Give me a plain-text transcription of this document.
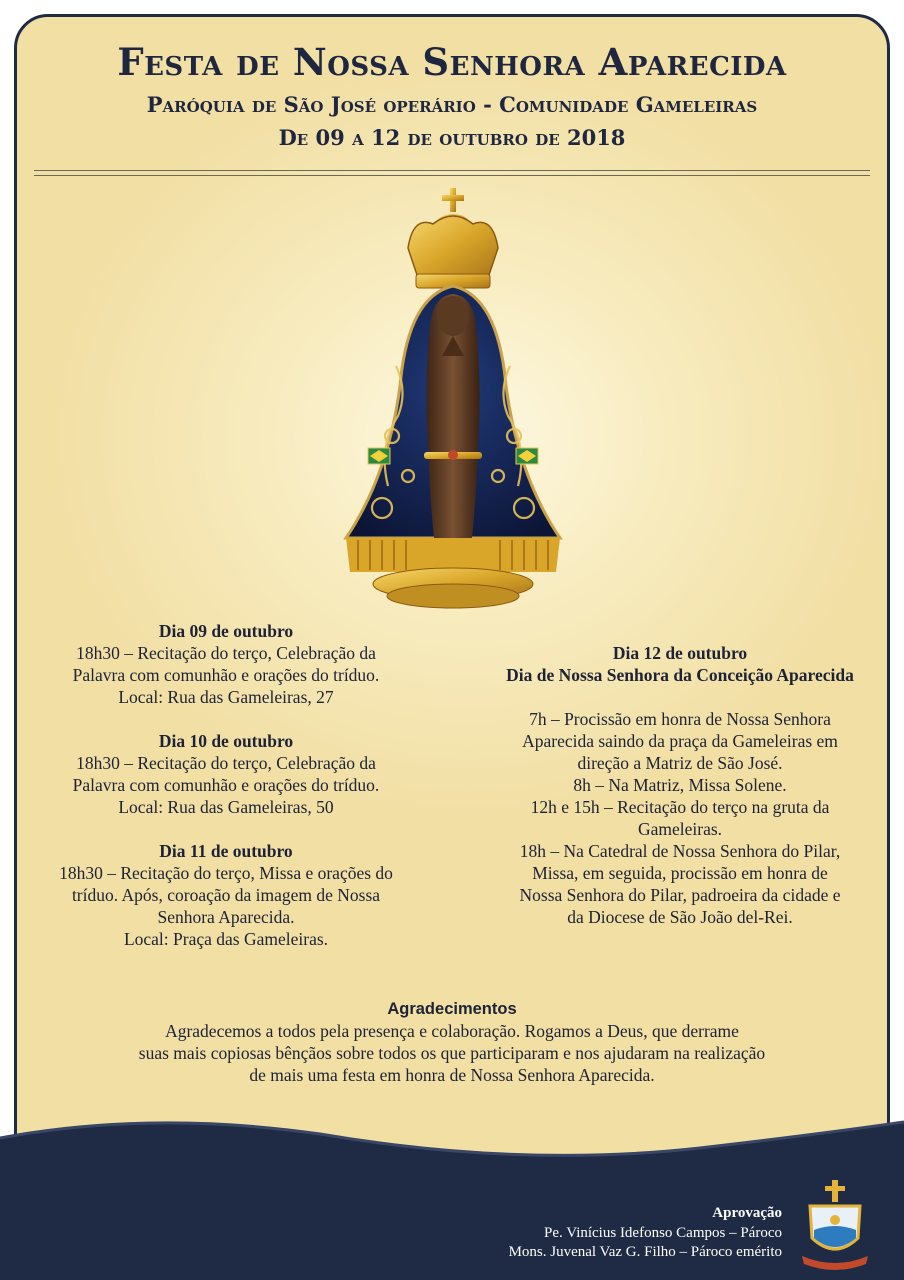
Festa de Nossa Senhora Aparecida
Paróquia de São José operário - Comunidade Gameleiras
De 09 a 12 de outubro de 2018
Dia 09 de outubro
18h30 – Recitação do terço, Celebração da
Palavra com comunhão e orações do tríduo.
Local: Rua das Gameleiras, 27
Dia 10 de outubro
18h30 – Recitação do terço, Celebração da
Palavra com comunhão e orações do tríduo.
Local: Rua das Gameleiras, 50
Dia 11 de outubro
18h30 – Recitação do terço, Missa e orações do
tríduo. Após, coroação da imagem de Nossa
Senhora Aparecida.
Local: Praça das Gameleiras.
Dia 12 de outubro
Dia de Nossa Senhora da Conceição Aparecida
7h – Procissão em honra de Nossa Senhora
Aparecida saindo da praça da Gameleiras em
direção a Matriz de São José.
8h – Na Matriz, Missa Solene.
12h e 15h – Recitação do terço na gruta da
Gameleiras.
18h – Na Catedral de Nossa Senhora do Pilar,
Missa, em seguida, procissão em honra de
Nossa Senhora do Pilar, padroeira da cidade e
da Diocese de São João del-Rei.
Agradecimentos
Agradecemos a todos pela presença e colaboração. Rogamos a Deus, que derrame
suas mais copiosas bênçãos sobre todos os que participaram e nos ajudaram na realização
de mais uma festa em honra de Nossa Senhora Aparecida.
Aprovação
Pe. Vinícius Idefonso Campos – Pároco
Mons. Juvenal Vaz G. Filho – Pároco emérito
